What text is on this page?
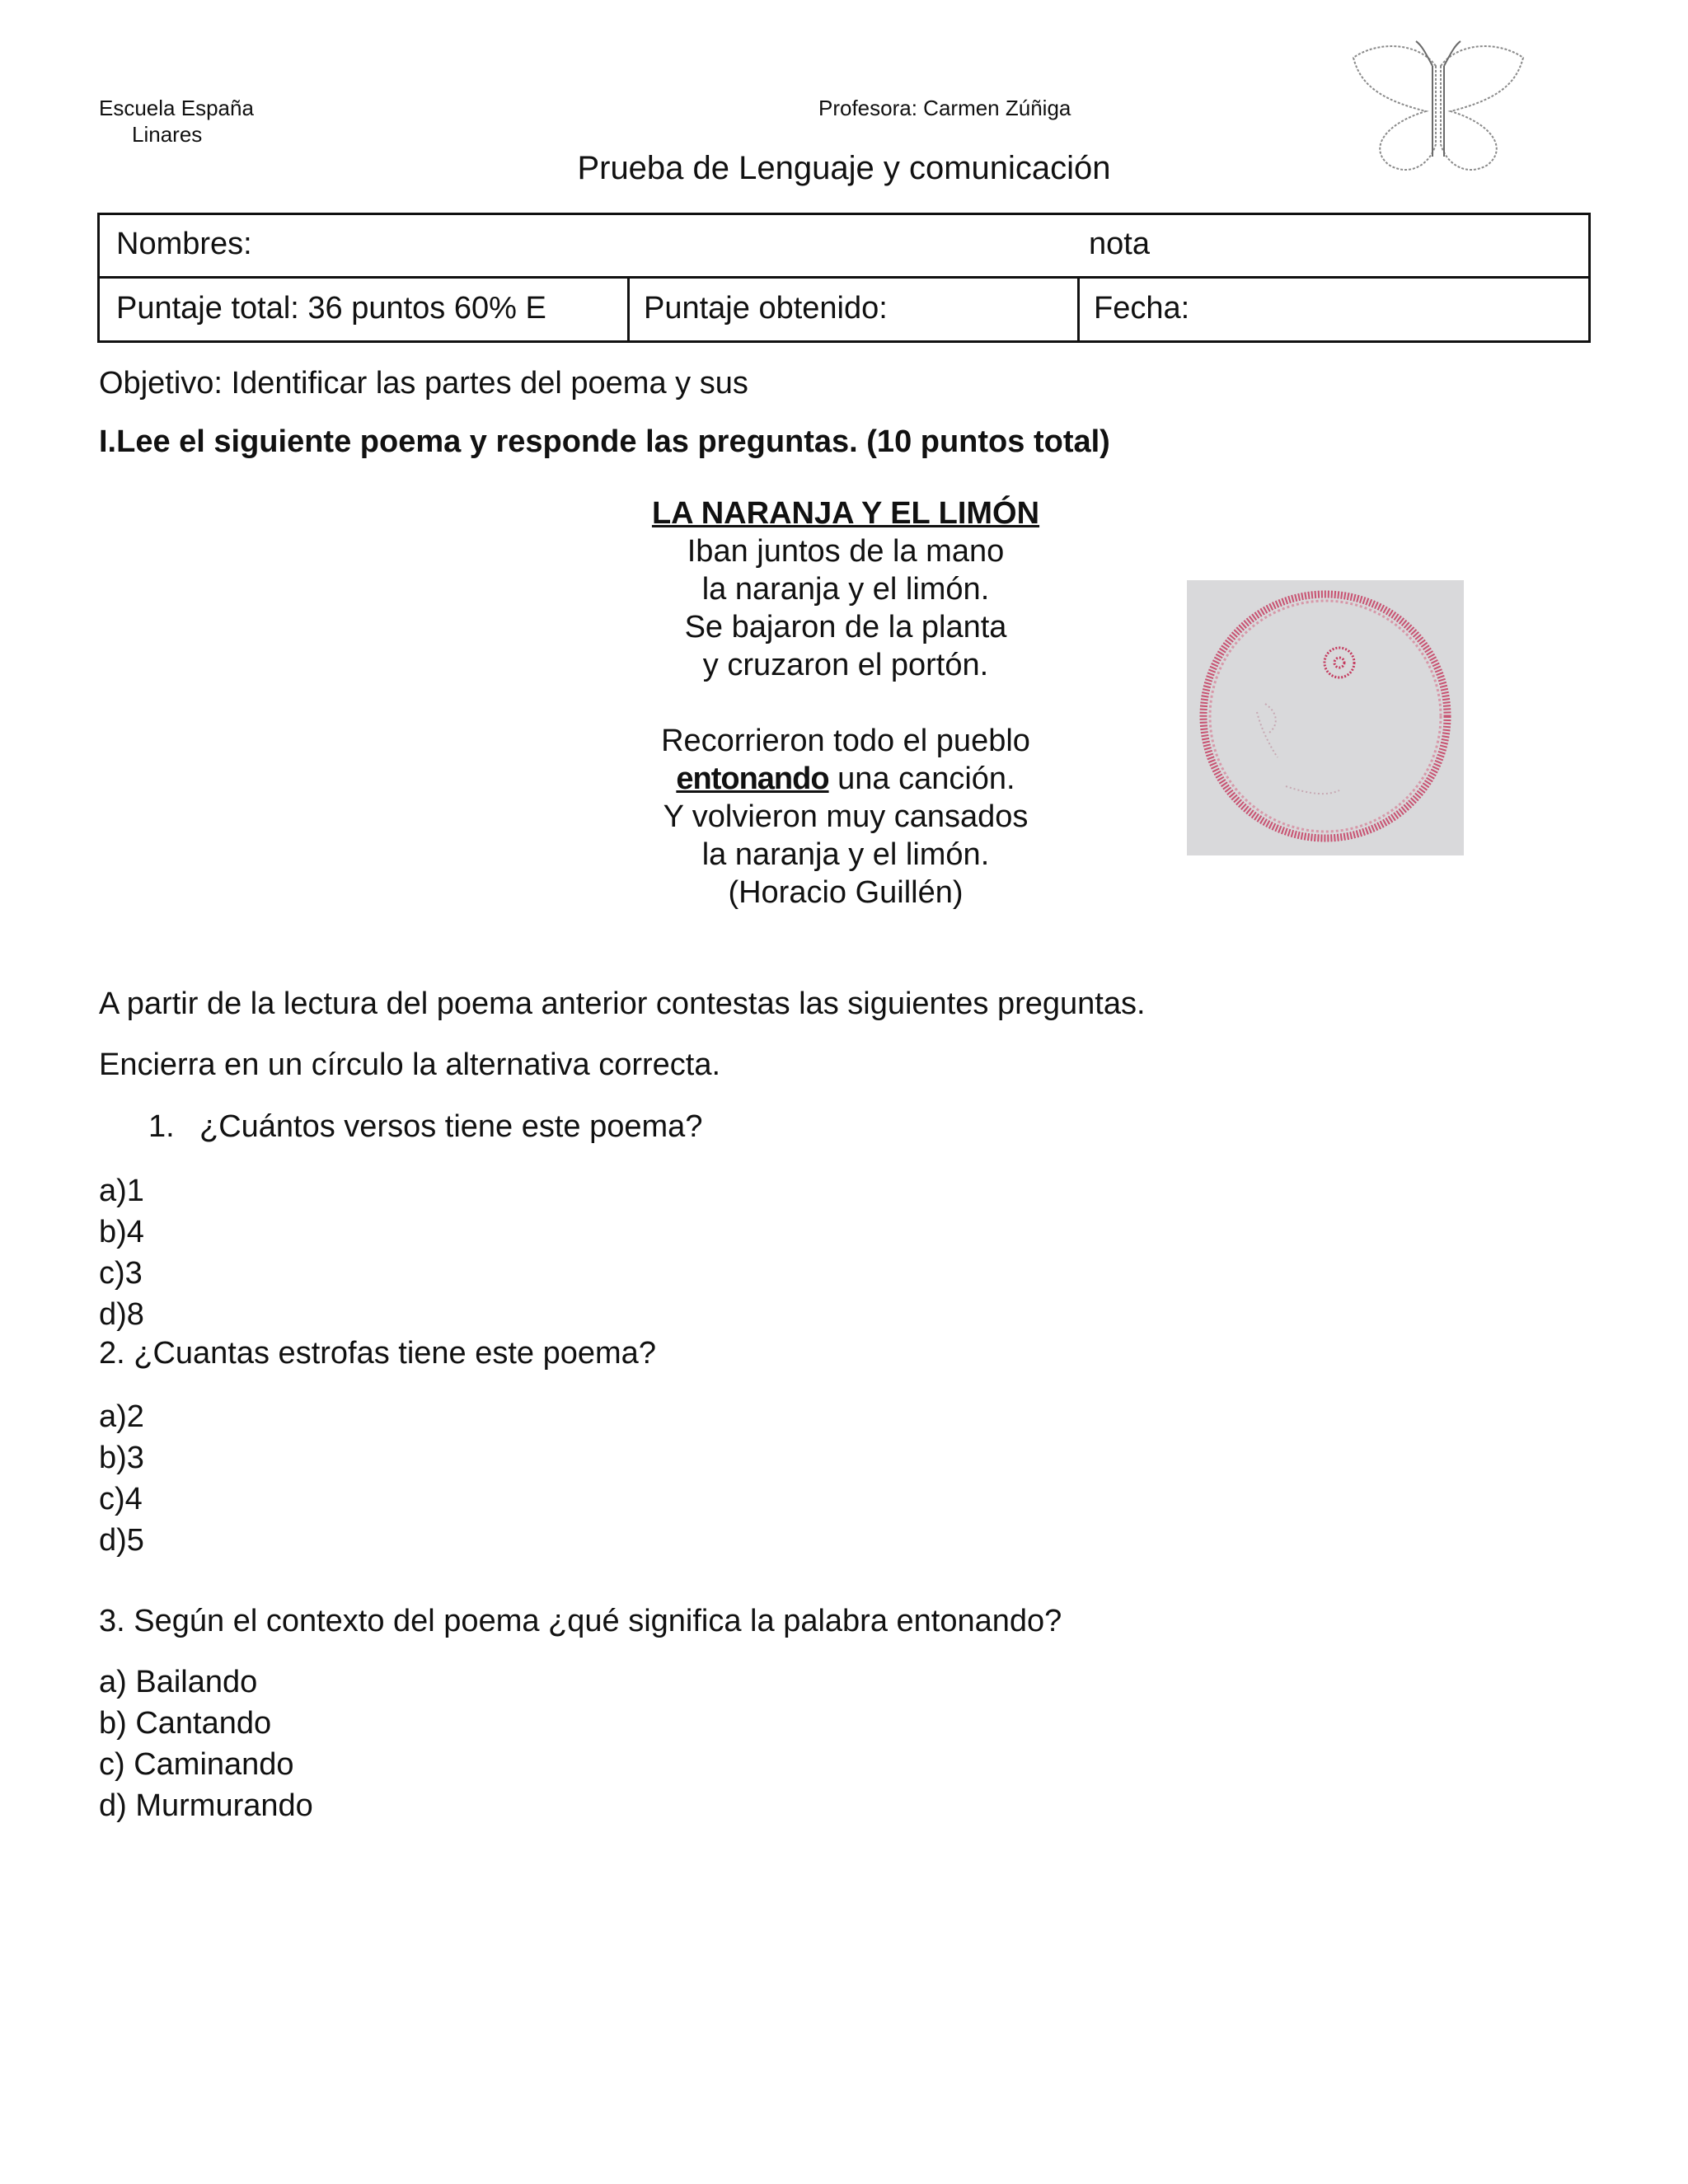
Escuela España
Linares
Profesora: Carmen Zúñiga
Prueba de Lenguaje y comunicación
Nombres:	nota
Puntaje total: 36 puntos 60% E	Puntaje obtenido:	Fecha:
Objetivo: Identificar las partes del poema y sus
I.Lee el siguiente poema y responde las preguntas. (10 puntos total)
LA NARANJA Y EL LIMÓN
Iban juntos de la mano
la naranja y el limón.
Se bajaron de la planta
y cruzaron el portón.
Recorrieron todo el pueblo
entonando una canción.
Y volvieron muy cansados
la naranja y el limón.
(Horacio Guillén)
A partir de la lectura del poema anterior contestas las siguientes preguntas.
Encierra en un círculo la alternativa correcta.
1. ¿Cuántos versos tiene este poema?
a)1
b)4
c)3
d)8
2. ¿Cuantas estrofas tiene este poema?
a)2
b)3
c)4
d)5
3. Según el contexto del poema ¿qué significa la palabra entonando?
a) Bailando
b) Cantando
c) Caminando
d) Murmurando
